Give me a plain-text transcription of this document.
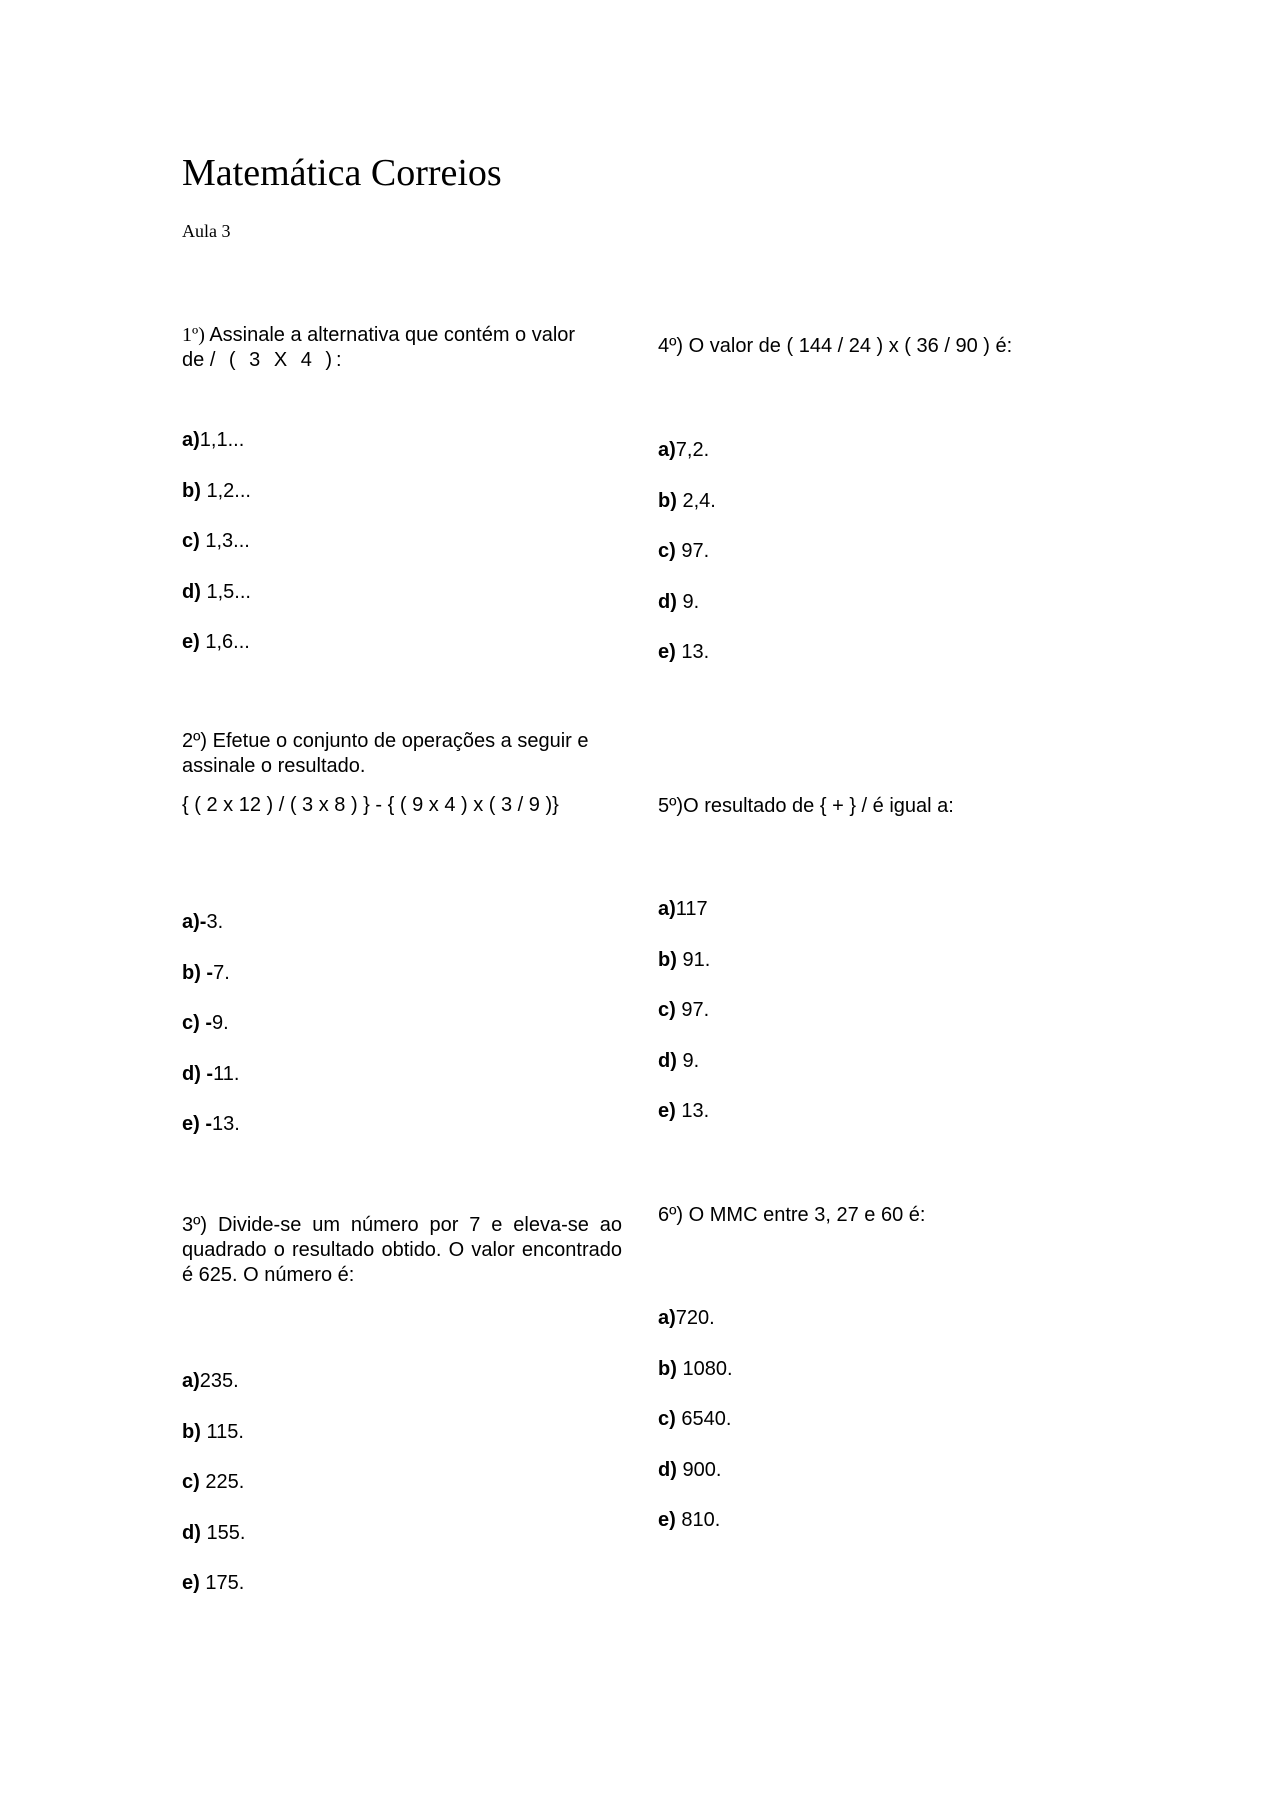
Matemática Correios
Aula 3
1º) Assinale a alternativa que contém o valor
de / ( 3 X 4 ):
a)1,1...
b) 1,2...
c) 1,3...
d) 1,5...
e) 1,6...
2º) Efetue o conjunto de operações a seguir e assinale o resultado.
{ ( 2 x 12 ) / ( 3 x 8 ) } - { ( 9 x 4 ) x ( 3 / 9 )}
a)-3.
b) -7.
c) -9.
d) -11.
e) -13.
3º) Divide-se um número por 7 e eleva-se ao quadrado o resultado obtido. O valor encontrado é 625. O número é:
a)235.
b) 115.
c) 225.
d) 155.
e) 175.
4º) O valor de ( 144 / 24 ) x ( 36 / 90 ) é:
a)7,2.
b) 2,4.
c) 97.
d) 9.
e) 13.
5º)O resultado de { + } / é igual a:
a)117
b) 91.
c) 97.
d) 9.
e) 13.
6º) O MMC entre 3, 27 e 60 é:
a)720.
b) 1080.
c) 6540.
d) 900.
e) 810.
